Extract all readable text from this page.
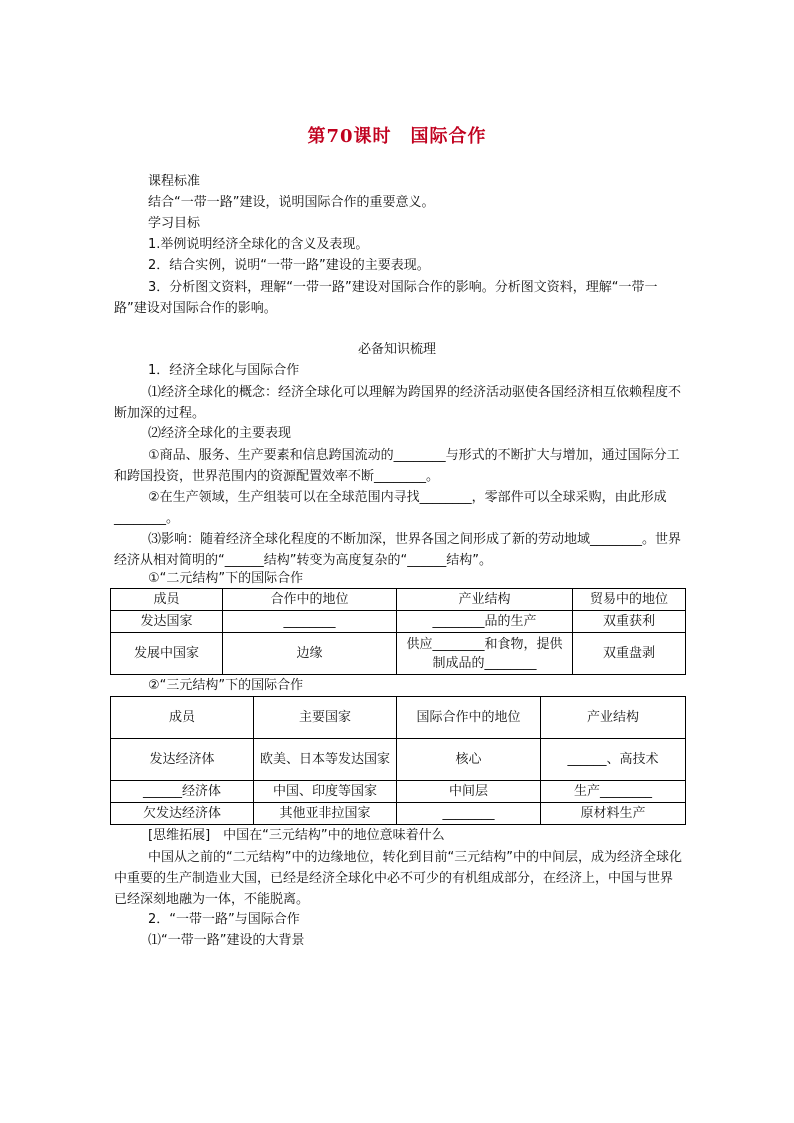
第70课时　国际合作
课程标准
结合“一带一路”建设，说明国际合作的重要意义。
学习目标
1.举例说明经济全球化的含义及表现。
2．结合实例，说明“一带一路”建设的主要表现。
3．分析图文资料，理解“一带一路”建设对国际合作的影响。分析图文资料，理解“一带一路”建设对国际合作的影响。
必备知识梳理
1．经济全球化与国际合作
⑴经济全球化的概念：经济全球化可以理解为跨国界的经济活动驱使各国经济相互依赖程度不断加深的过程。
⑵经济全球化的主要表现
①商品、服务、生产要素和信息跨国流动的________与形式的不断扩大与增加，通过国际分工和跨国投资，世界范围内的资源配置效率不断________。
②在生产领域，生产组装可以在全球范围内寻找________，零部件可以全球采购，由此形成________。
⑶影响：随着经济全球化程度的不断加深，世界各国之间形成了新的劳动地域________。世界经济从相对简明的“______结构”转变为高度复杂的“______结构”。
①“二元结构”下的国际合作
成员	合作中的地位	产业结构	贸易中的地位
发达国家	________	________品的生产	双重获利
发展中国家	边缘	供应________和食物，提供制成品的________	双重盘剥
②“三元结构”下的国际合作
成员	主要国家	国际合作中的地位	产业结构
发达经济体	欧美、日本等发达国家	核心	______、高技术
______经济体	中国、印度等国家	中间层	生产________
欠发达经济体	其他亚非拉国家	________	原材料生产
[思维拓展]　中国在“三元结构”中的地位意味着什么
中国从之前的“二元结构”中的边缘地位，转化到目前“三元结构”中的中间层，成为经济全球化中重要的生产制造业大国，已经是经济全球化中必不可少的有机组成部分，在经济上，中国与世界已经深刻地融为一体，不能脱离。
2．“一带一路”与国际合作
⑴“一带一路”建设的大背景
